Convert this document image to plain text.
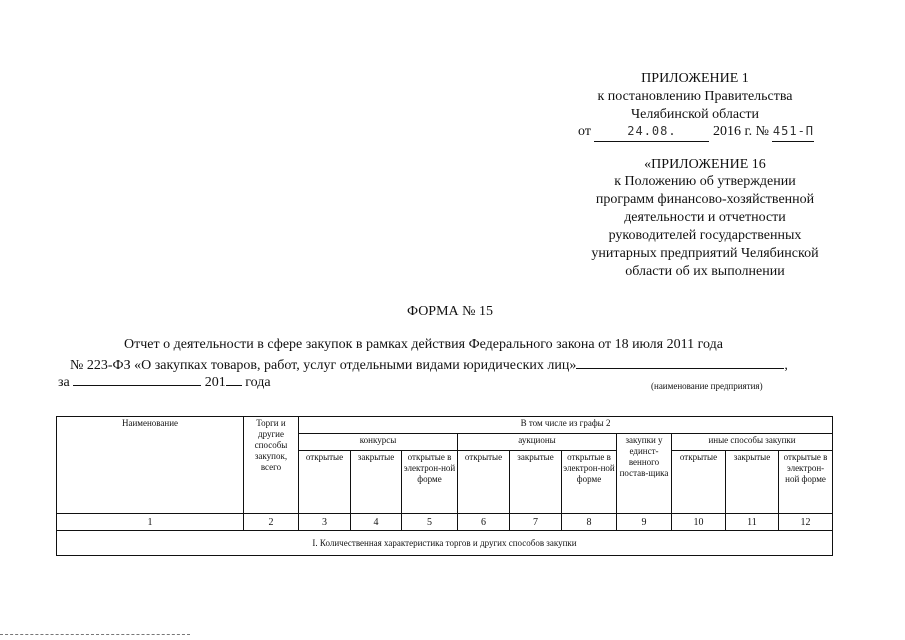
ПРИЛОЖЕНИЕ 1
к постановлению Правительства
Челябинской области
от	24.08.	2016 г. № 451-П
«ПРИЛОЖЕНИЕ 16
к Положению об утверждении
программ финансово-хозяйственной
деятельности и отчетности
руководителей государственных
унитарных предприятий Челябинской
области об их выполнении
ФОРМА № 15
Отчет о деятельности в сфере закупок в рамках действия Федерального закона от 18 июля 2011 года
№ 223-ФЗ «О закупках товаров, работ, услуг отдельными видами юридических лиц»	,
за	201 года	(наименование предприятия)
Наименование	Торги и другие способы закупок, всего	В том числе из графы 2									
		конкурсы			аукционы			закупки у единст-венного постав-щика	иные способы закупки		
		открытые	закрытые	открытые в электрон-ной форме	открытые	закрытые	открытые в электрон-ной форме		открытые	закрытые	открытые в электрон-ной форме
1	2	3	4	5	6	7	8	9	10	11	12
I. Количественная характеристика торгов и других способов закупки											
